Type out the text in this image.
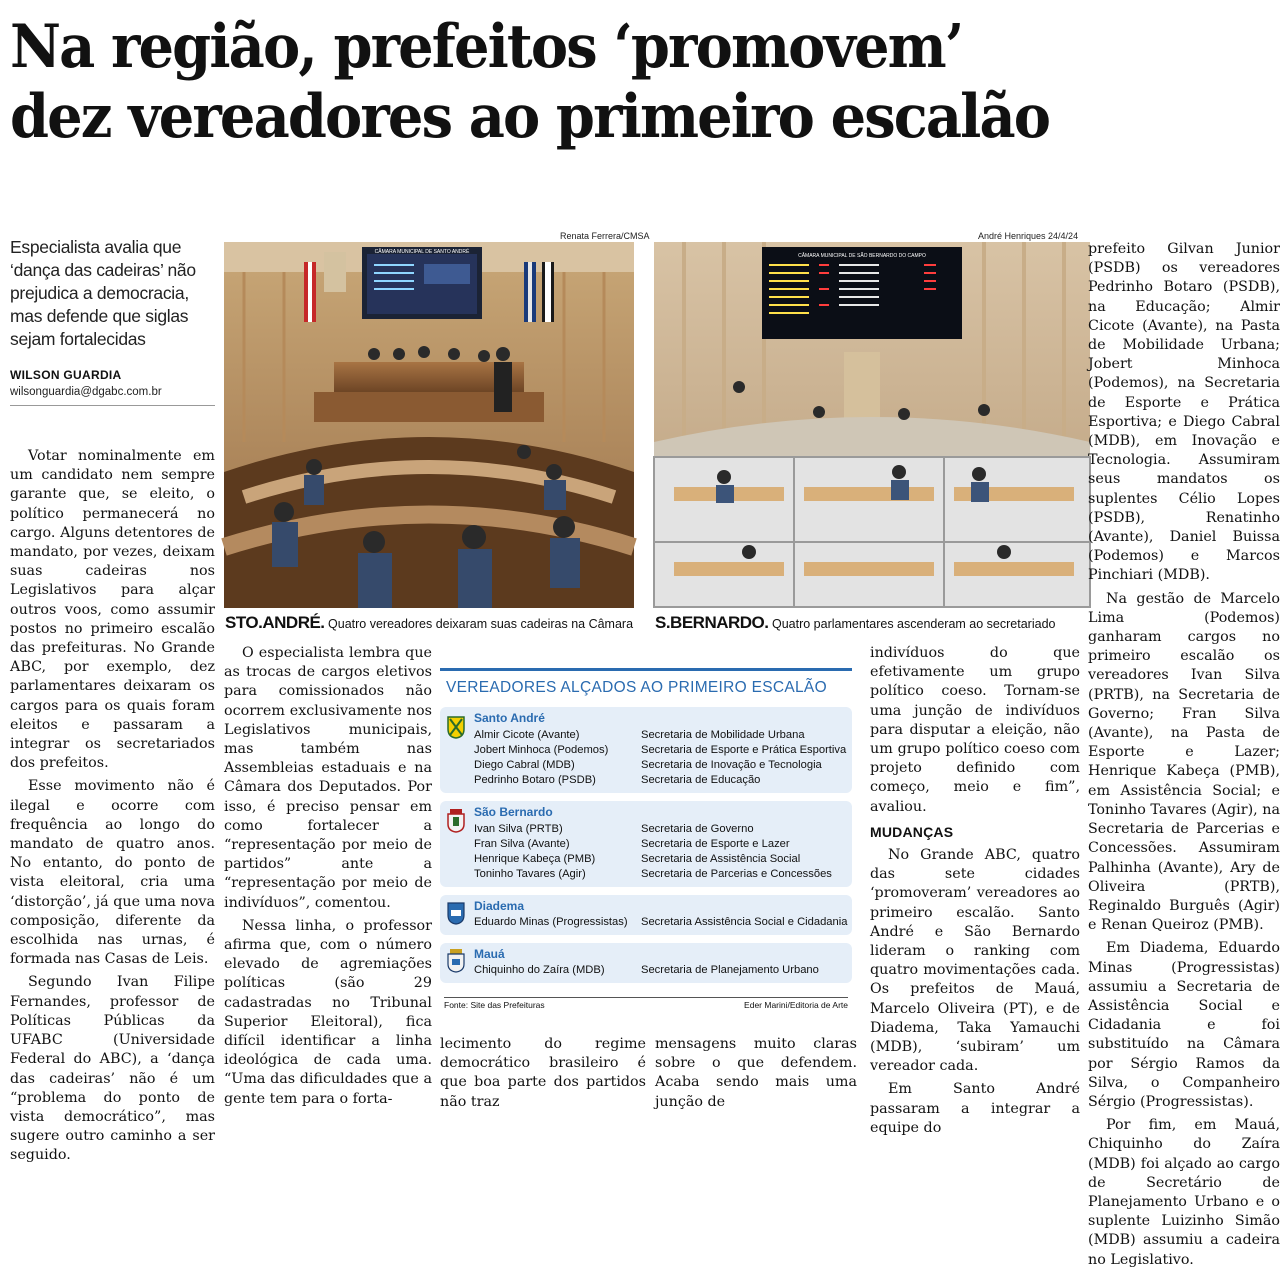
Na região, prefeitos ‘promovem’
dez vereadores ao primeiro escalão
Especialista avalia que ‘dança das cadeiras’ não prejudica a democracia, mas defende que siglas sejam fortalecidas
WILSON GUARDIA
wilsonguardia@dgabc.com.br

Votar nominalmente em um candidato nem sempre garante que, se eleito, o político permanecerá no cargo. Alguns detentores de mandato, por vezes, deixam suas cadeiras nos Legislativos para alçar outros voos, como assumir postos no primeiro escalão das prefeituras. No Grande ABC, por exemplo, dez parlamentares deixaram os cargos para os quais foram eleitos e passaram a integrar os secretariados dos prefeitos.

Esse movimento não é ilegal e ocorre com frequência ao longo do mandato de quatro anos. No entanto, do ponto de vista eleitoral, cria uma ‘distorção’, já que uma nova composição, diferente da escolhida nas urnas, é formada nas Casas de Leis.

Segundo Ivan Filipe Fernandes, professor de Políticas Públicas da UFABC (Universidade Federal do ABC), a ‘dança das cadeiras’ não é um “problema do ponto de vista democrático”, mas sugere outro caminho a ser seguido.

Renata Ferrera/CMSA
CÂMARA MUNICIPAL DE SANTO ANDRÉ
STO.ANDRÉ. Quatro vereadores deixaram suas cadeiras na Câmara
André Henriques 24/4/24
CÂMARA MUNICIPAL DE SÃO BERNARDO DO CAMPO
S.BERNARDO. Quatro parlamentares ascenderam ao secretariado

O especialista lembra que as trocas de cargos eletivos para comissionados não ocorrem exclusivamente nos Legislativos municipais, mas também nas Assembleias estaduais e na Câmara dos Deputados. Por isso, é preciso pensar em como fortalecer a “representação por meio de partidos” ante a “representação por meio de indivíduos”, comentou.

Nessa linha, o professor afirma que, com o número elevado de agremiações políticas (são 29 cadastradas no Tribunal Superior Eleitoral), fica difícil identificar a linha ideológica de cada uma. “Uma das dificuldades que a gente tem para o forta-

VEREADORES ALÇADOS AO PRIMEIRO ESCALÃO
Santo André
Almir Cicote (Avante)	Secretaria de Mobilidade Urbana
Jobert Minhoca (Podemos)	Secretaria de Esporte e Prática Esportiva
Diego Cabral (MDB)	Secretaria de Inovação e Tecnologia
Pedrinho Botaro (PSDB)	Secretaria de Educação
São Bernardo
Ivan Silva (PRTB)	Secretaria de Governo
Fran Silva (Avante)	Secretaria de Esporte e Lazer
Henrique Kabeça (PMB)	Secretaria de Assistência Social
Toninho Tavares (Agir)	Secretaria de Parcerias e Concessões
Diadema
Eduardo Minas (Progressistas) Secretaria Assistência Social e Cidadania
Mauá
Chiquinho do Zaíra (MDB)	Secretaria de Planejamento Urbano
Fonte: Site das Prefeituras	Eder Marini/Editoria de Arte

lecimento do regime democrático brasileiro é que boa parte dos partidos não traz

mensagens muito claras sobre o que defendem. Acaba sendo mais uma junção de

indivíduos do que efetivamente um grupo político coeso. Tornam-se uma junção de indivíduos para disputar a eleição, não um grupo político coeso com projeto definido com começo, meio e fim”, avaliou.

MUDANÇAS

No Grande ABC, quatro das sete cidades ‘promoveram’ vereadores ao primeiro escalão. Santo André e São Bernardo lideram o ranking com quatro movimentações cada. Os prefeitos de Mauá, Marcelo Oliveira (PT), e de Diadema, Taka Yamauchi (MDB), ‘subiram’ um vereador cada.

Em Santo André passaram a integrar a equipe do

prefeito Gilvan Junior (PSDB) os vereadores Pedrinho Botaro (PSDB), na Educação; Almir Cicote (Avante), na Pasta de Mobilidade Urbana; Jobert Minhoca (Podemos), na Secretaria de Esporte e Prática Esportiva; e Diego Cabral (MDB), em Inovação e Tecnologia. Assumiram seus mandatos os suplentes Célio Lopes (PSDB), Renatinho (Avante), Daniel Buissa (Podemos) e Marcos Pinchiari (MDB).

Na gestão de Marcelo Lima (Podemos) ganharam cargos no primeiro escalão os vereadores Ivan Silva (PRTB), na Secretaria de Governo; Fran Silva (Avante), na Pasta de Esporte e Lazer; Henrique Kabeça (PMB), em Assistência Social; e Toninho Tavares (Agir), na Secretaria de Parcerias e Concessões. Assumiram Palhinha (Avante), Ary de Oliveira (PRTB), Reginaldo Burguês (Agir) e Renan Queiroz (PMB).

Em Diadema, Eduardo Minas (Progressistas) assumiu a Secretaria de Assistência Social e Cidadania e foi substituído na Câmara por Sérgio Ramos da Silva, o Companheiro Sérgio (Progressistas).

Por fim, em Mauá, Chiquinho do Zaíra (MDB) foi alçado ao cargo de Secretário de Planejamento Urbano e o suplente Luizinho Simão (MDB) assumiu a cadeira no Legislativo.
